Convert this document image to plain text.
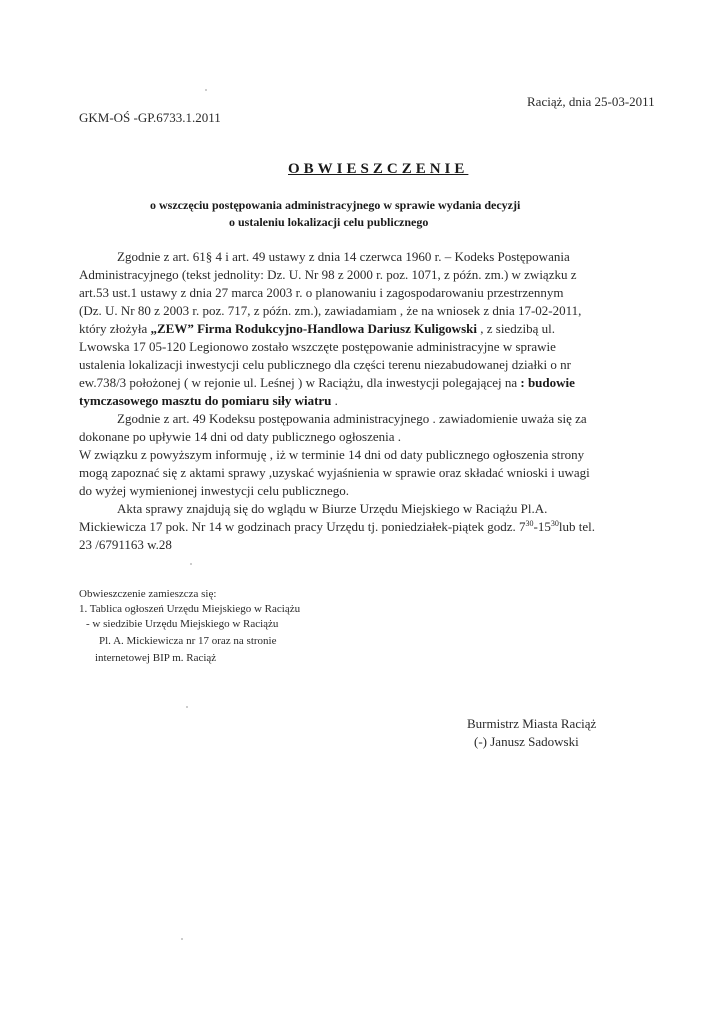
GKM-OŚ -GP.6733.1.2011
Raciąż, dnia 25-03-2011
OBWIESZCZENIE
o wszczęciu postępowania administracyjnego w sprawie wydania decyzji
o ustaleniu lokalizacji celu publicznego
Zgodnie z art. 61§ 4 i art. 49 ustawy z dnia 14 czerwca 1960 r. – Kodeks Postępowania
Administracyjnego (tekst jednolity: Dz. U. Nr 98 z 2000 r. poz. 1071, z późn. zm.) w związku z
art.53 ust.1 ustawy z dnia 27 marca 2003 r. o planowaniu i zagospodarowaniu przestrzennym
(Dz. U. Nr 80 z 2003 r. poz. 717, z późn. zm.), zawiadamiam , że na wniosek z dnia 17-02-2011,
który złożyła „ZEW” Firma Rodukcyjno-Handlowa Dariusz Kuligowski , z siedzibą ul.
Lwowska 17 05-120 Legionowo zostało wszczęte postępowanie administracyjne w sprawie
ustalenia lokalizacji inwestycji celu publicznego dla części terenu niezabudowanej działki o nr
ew.738/3 położonej ( w rejonie ul. Leśnej ) w Raciążu, dla inwestycji polegającej na : budowie
tymczasowego masztu do pomiaru siły wiatru .
Zgodnie z art. 49 Kodeksu postępowania administracyjnego . zawiadomienie uważa się za
dokonane po upływie 14 dni od daty publicznego ogłoszenia .
W związku z powyższym informuję , iż w terminie 14 dni od daty publicznego ogłoszenia strony
mogą zapoznać się z aktami sprawy ,uzyskać wyjaśnienia w sprawie oraz składać wnioski i uwagi
do wyżej wymienionej inwestycji celu publicznego.
Akta sprawy znajdują się do wglądu w Biurze Urzędu Miejskiego w Raciążu Pl.A.
Mickiewicza 17 pok. Nr 14 w godzinach pracy Urzędu tj. poniedziałek-piątek godz. $7^{30}-15^{30}lub$ tel.
23 /6791163 w.28
Obwieszczenie zamieszcza się:
1. Tablica ogłoszeń Urzędu Miejskiego w Raciążu
- w siedzibie Urzędu Miejskiego w Raciążu
Pl. A. Mickiewicza nr 17 oraz na stronie
internetowej BIP m. Raciąż
Burmistrz Miasta Raciąż
(-) Janusz Sadowski
